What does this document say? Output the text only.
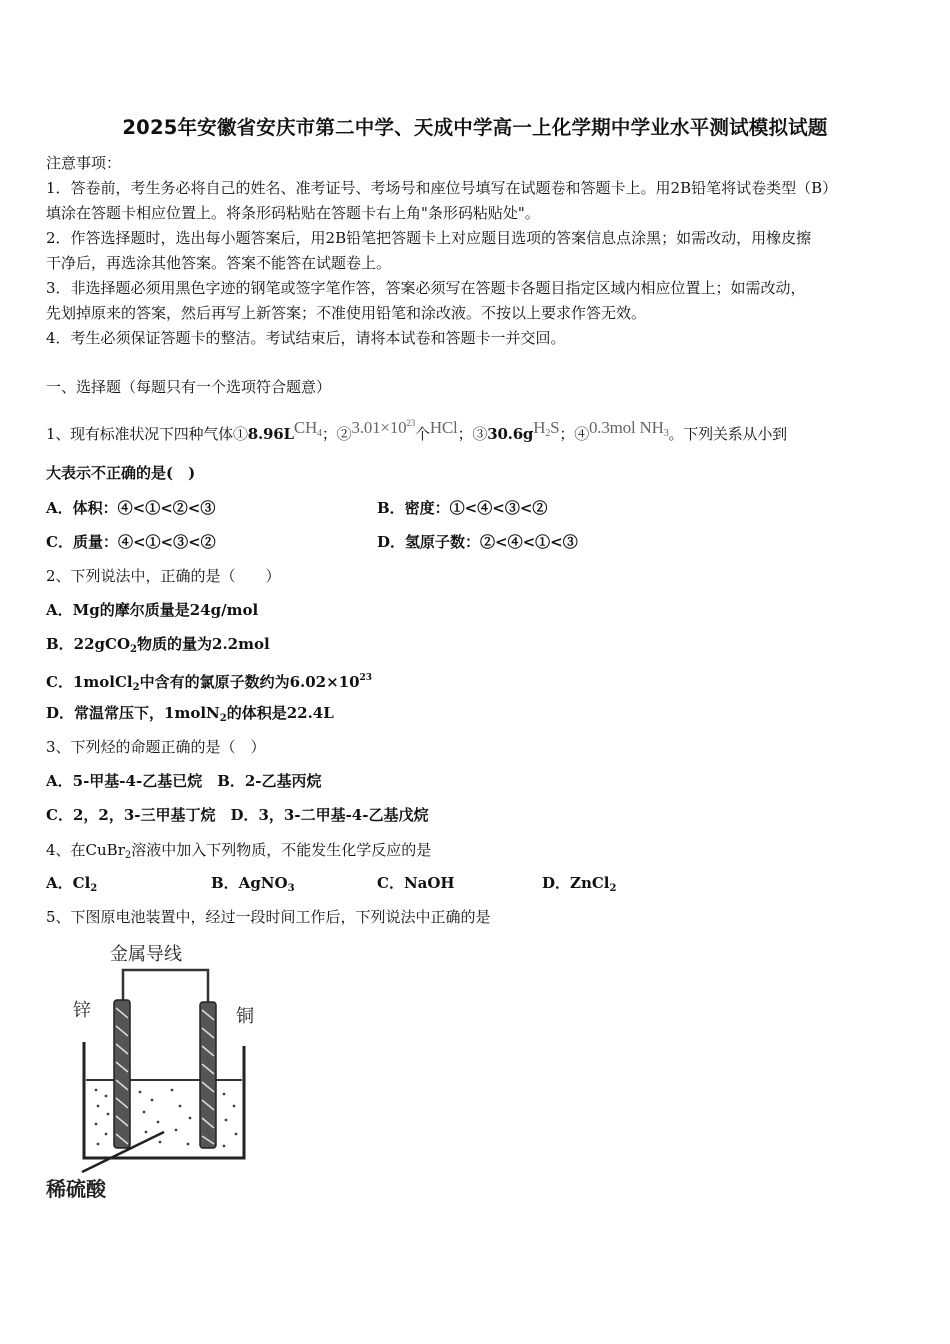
2025年安徽省安庆市第二中学、天成中学高一上化学期中学业水平测试模拟试题
注意事项：
1．答卷前，考生务必将自己的姓名、准考证号、考场号和座位号填写在试题卷和答题卡上。用2B铅笔将试卷类型（B）
填涂在答题卡相应位置上。将条形码粘贴在答题卡右上角"条形码粘贴处"。
2．作答选择题时，选出每小题答案后，用2B铅笔把答题卡上对应题目选项的答案信息点涂黑；如需改动，用橡皮擦
干净后，再选涂其他答案。答案不能答在试题卷上。
3．非选择题必须用黑色字迹的钢笔或签字笔作答，答案必须写在答题卡各题目指定区域内相应位置上；如需改动，
先划掉原来的答案，然后再写上新答案；不准使用铅笔和涂改液。不按以上要求作答无效。
4．考生必须保证答题卡的整洁。考试结束后，请将本试卷和答题卡一并交回。
一、选择题（每题只有一个选项符合题意）
1、现有标准状况下四种气体①8.96LCH4；$②3.01\times 10^{23}$个HCl；③30.6gH2S；④0.3mol NH3。下列关系从小到
大表示不正确的是(　)
A．体积：④<①<②<③	B．密度：①<④<③<②
C．质量：④<①<③<②	D．氢原子数：②<④<①<③
2、下列说法中，正确的是（　　）
A．Mg的摩尔质量是24g/mol
B．22gCO$_2$物质的量为2.2mol
C．1molCl$_2$中含有的氯原子数约为$6.02\times 10^{23}$
D．常温常压下，1molN$_2$的体积是22.4L
3、下列烃的命题正确的是（　）
A．5-甲基-4-乙基已烷　B．2-乙基丙烷
C．2，2，3-三甲基丁烷　D．3，3-二甲基-4-乙基戊烷
4、在CuBr$_2$溶液中加入下列物质，不能发生化学反应的是
A．$Cl_2$	B．AgNO$_3$	C．NaOH	D．ZnCl$_2$
5、下图原电池装置中，经过一段时间工作后，下列说法中正确的是
金属导线
锌	铜
稀硫酸
